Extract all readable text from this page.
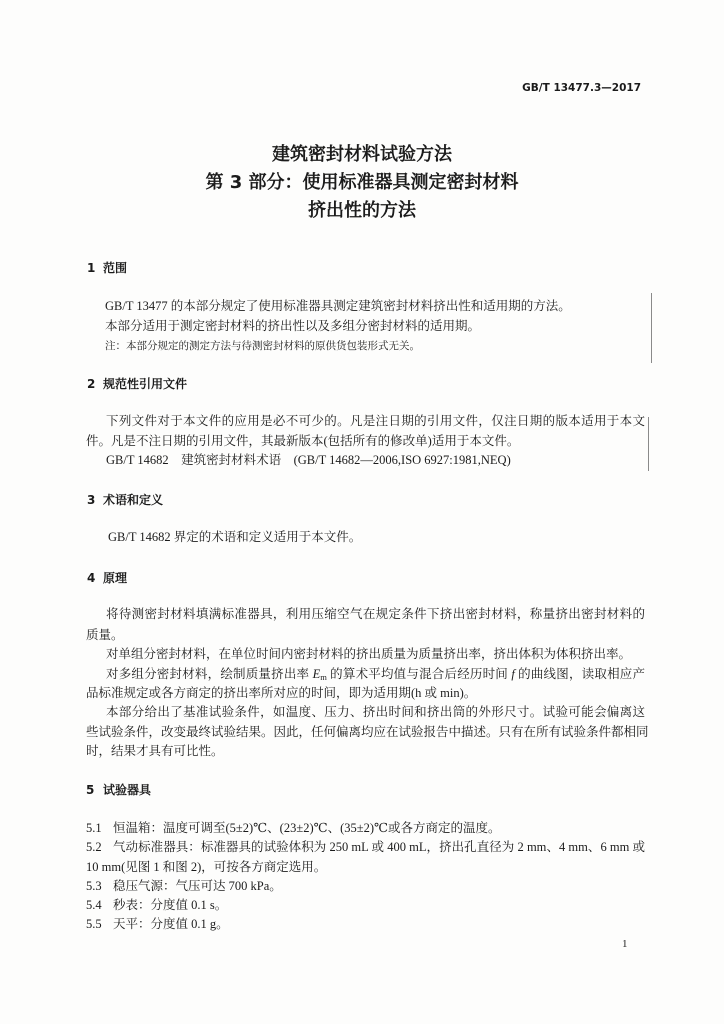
GB/T 13477.3—2017
建筑密封材料试验方法
第 3 部分：使用标准器具测定密封材料
挤出性的方法
1 范围
GB/T 13477 的本部分规定了使用标准器具测定建筑密封材料挤出性和适用期的方法。
本部分适用于测定密封材料的挤出性以及多组分密封材料的适用期。
注：本部分规定的测定方法与待测密封材料的原供货包装形式无关。
2 规范性引用文件
下列文件对于本文件的应用是必不可少的。凡是注日期的引用文件，仅注日期的版本适用于本文
件。凡是不注日期的引用文件，其最新版本(包括所有的修改单)适用于本文件。
GB/T 14682　建筑密封材料术语　(GB/T 14682—2006,ISO 6927:1981,NEQ)
3 术语和定义
GB/T 14682 界定的术语和定义适用于本文件。
4 原理
将待测密封材料填满标准器具，利用压缩空气在规定条件下挤出密封材料，称量挤出密封材料的
质量。
对单组分密封材料，在单位时间内密封材料的挤出质量为质量挤出率，挤出体积为体积挤出率。
对多组分密封材料，绘制质量挤出率 $E_m$ 的算术平均值与混合后经历时间 f 的曲线图，读取相应产
品标准规定或各方商定的挤出率所对应的时间，即为适用期(h 或 min)。
本部分给出了基准试验条件，如温度、压力、挤出时间和挤出筒的外形尺寸。试验可能会偏离这
些试验条件，改变最终试验结果。因此，任何偏离均应在试验报告中描述。只有在所有试验条件都相同
时，结果才具有可比性。
5 试验器具
5.1 恒温箱：温度可调至(5±2)℃、(23±2)℃、(35±2)℃或各方商定的温度。
5.2 气动标准器具：标准器具的试验体积为 250 mL 或 400 mL，挤出孔直径为 2 mm、4 mm、6 mm 或
10 mm(见图 1 和图 2)，可按各方商定选用。
5.3 稳压气源：气压可达 700 kPa。
5.4 秒表：分度值 0.1 s。
5.5 天平：分度值 0.1 g。
1
